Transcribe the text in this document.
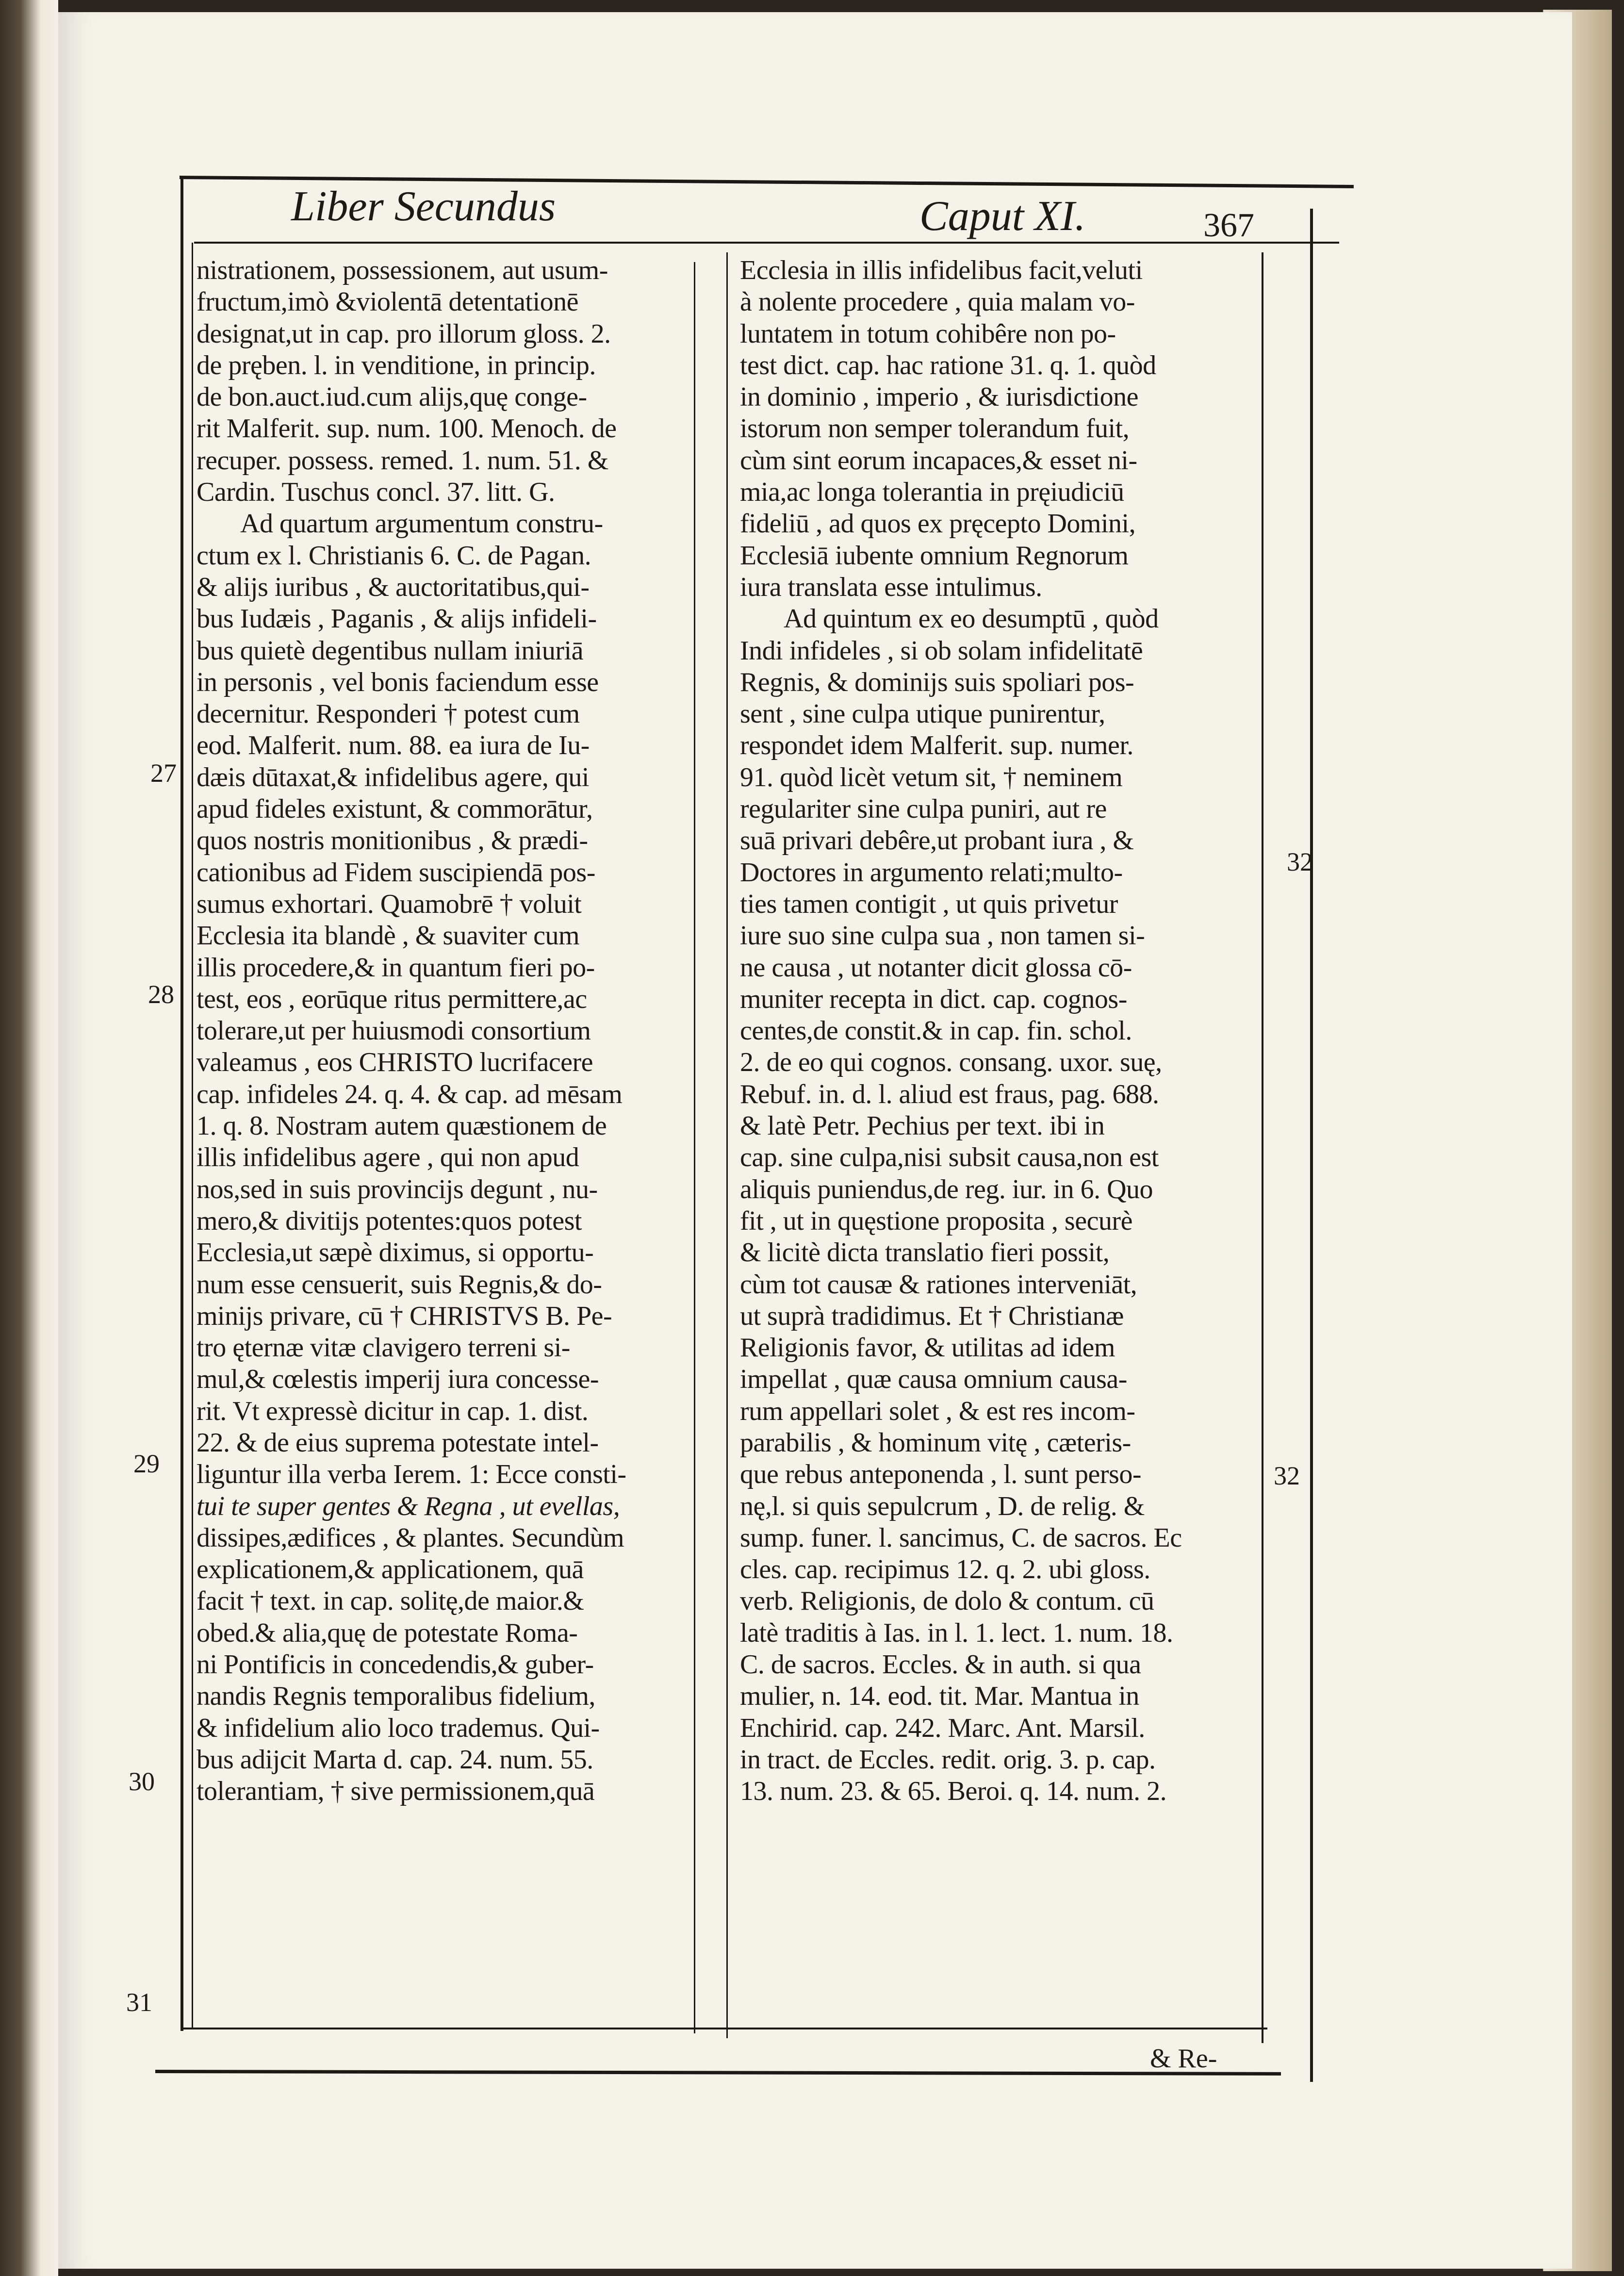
Liber Secundus	Caput XI.	367
nistrationem, possessionem, aut usum-
fructum,imò &violentā detentationē
designat,ut in cap. pro illorum gloss. 2.
de pręben. l. in venditione, in princip.
de bon.auct.iud.cum alijs,quę conge-
rit Malferit. sup. num. 100. Menoch. de
recuper. possess. remed. 1. num. 51. &
Cardin. Tuschus concl. 37. litt. G.
Ad quartum argumentum constru-
ctum ex l. Christianis 6. C. de Pagan.
& alijs iuribus , & auctoritatibus,qui-
bus Iudæis , Paganis , & alijs infideli-
bus quietè degentibus nullam iniuriā
in personis , vel bonis faciendum esse
decernitur. Responderi † potest cum
eod. Malferit. num. 88. ea iura de Iu-
dæis dūtaxat,& infidelibus agere, qui
apud fideles existunt, & commorātur,
quos nostris monitionibus , & prædi-
cationibus ad Fidem suscipiendā pos-
sumus exhortari. Quamobrē † voluit
Ecclesia ita blandè , & suaviter cum
illis procedere,& in quantum fieri po-
test, eos , eorūque ritus permittere,ac
tolerare,ut per huiusmodi consortium
valeamus , eos CHRISTO lucrifacere
cap. infideles 24. q. 4. & cap. ad mēsam
1. q. 8. Nostram autem quæstionem de
illis infidelibus agere , qui non apud
nos,sed in suis provincijs degunt , nu-
mero,& divitijs potentes:quos potest
Ecclesia,ut sæpè diximus, si opportu-
num esse censuerit, suis Regnis,& do-
minijs privare, cū † CHRISTVS B. Pe-
tro ęternæ vitæ clavigero terreni si-
mul,& cœlestis imperij iura concesse-
rit. Vt expressè dicitur in cap. 1. dist.
22. & de eius suprema potestate intel-
liguntur illa verba Ierem. 1: Ecce consti-
tui te super gentes & Regna , ut evellas,
dissipes,ædifices , & plantes. Secundùm
explicationem,& applicationem, quā
facit † text. in cap. solitę,de maior.&
obed.& alia,quę de potestate Roma-
ni Pontificis in concedendis,& guber-
nandis Regnis temporalibus fidelium,
& infidelium alio loco trademus. Qui-
bus adijcit Marta d. cap. 24. num. 55.
tolerantiam, † sive permissionem,quā
Ecclesia in illis infidelibus facit,veluti
à nolente procedere , quia malam vo-
luntatem in totum cohibêre non po-
test dict. cap. hac ratione 31. q. 1. quòd
in dominio , imperio , & iurisdictione
istorum non semper tolerandum fuit,
cùm sint eorum incapaces,& esset ni-
mia,ac longa tolerantia in pręiudiciū
fideliū , ad quos ex pręcepto Domini,
Ecclesiā iubente omnium Regnorum
iura translata esse intulimus.
Ad quintum ex eo desumptū , quòd
Indi infideles , si ob solam infidelitatē
Regnis, & dominijs suis spoliari pos-
sent , sine culpa utique punirentur,
respondet idem Malferit. sup. numer.
91. quòd licèt vetum sit, † neminem
regulariter sine culpa puniri, aut re
suā privari debêre,ut probant iura , &
Doctores in argumento relati;multo-
ties tamen contigit , ut quis privetur
iure suo sine culpa sua , non tamen si-
ne causa , ut notanter dicit glossa cō-
muniter recepta in dict. cap. cognos-
centes,de constit.& in cap. fin. schol.
2. de eo qui cognos. consang. uxor. suę,
Rebuf. in. d. l. aliud est fraus, pag. 688.
& latè Petr. Pechius per text. ibi in
cap. sine culpa,nisi subsit causa,non est
aliquis puniendus,de reg. iur. in 6. Quo
fit , ut in quęstione proposita , securè
& licitè dicta translatio fieri possit,
cùm tot causæ & rationes interveniāt,
ut suprà tradidimus. Et † Christianæ
Religionis favor, & utilitas ad idem
impellat , quæ causa omnium causa-
rum appellari solet , & est res incom-
parabilis , & hominum vitę , cæteris-
que rebus anteponenda , l. sunt perso-
nę,l. si quis sepulcrum , D. de relig. &
sump. funer. l. sancimus, C. de sacros. Ec
cles. cap. recipimus 12. q. 2. ubi gloss.
verb. Religionis, de dolo & contum. cū
latè traditis à Ias. in l. 1. lect. 1. num. 18.
C. de sacros. Eccles. & in auth. si qua
mulier, n. 14. eod. tit. Mar. Mantua in
Enchirid. cap. 242. Marc. Ant. Marsil.
in tract. de Eccles. redit. orig. 3. p. cap.
13. num. 23. & 65. Beroi. q. 14. num. 2.
27
28
29
30
31
32
32
& Re-
